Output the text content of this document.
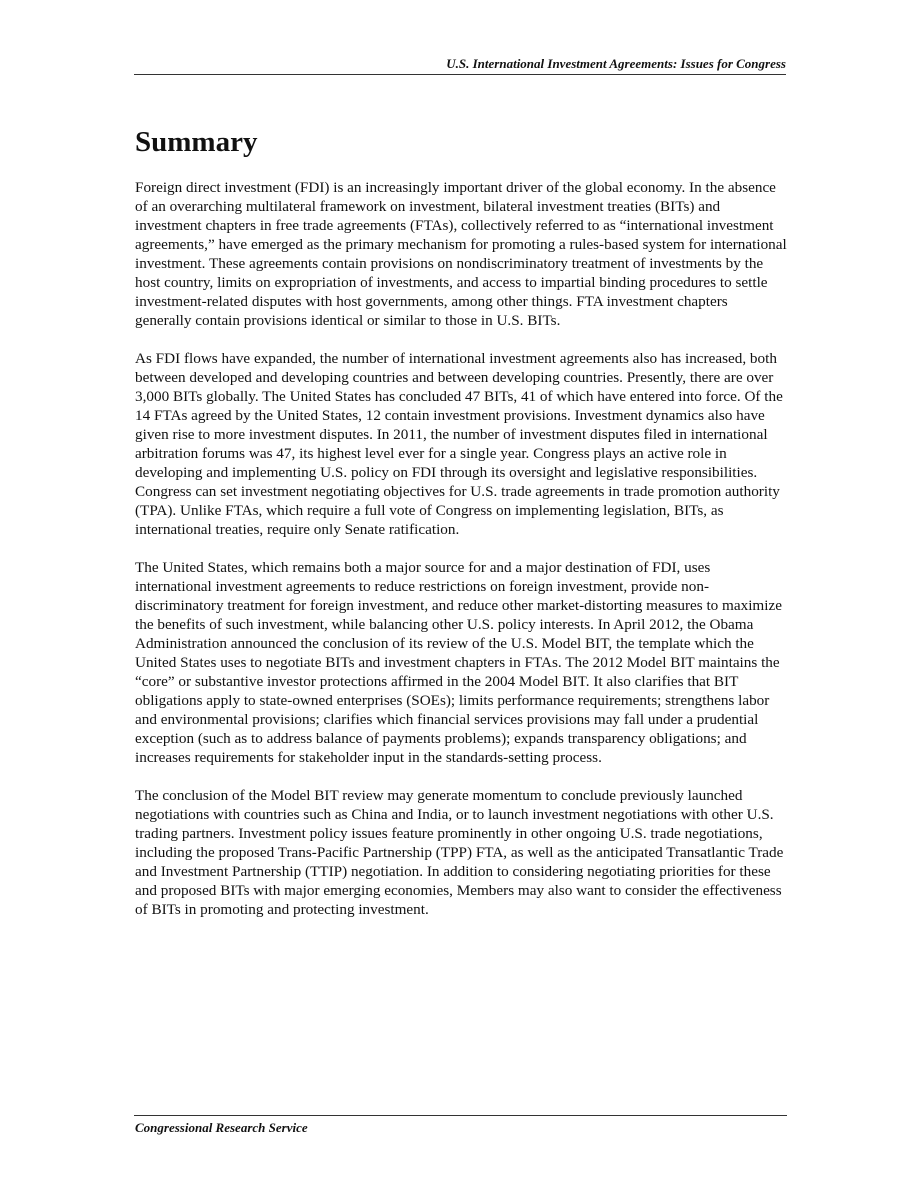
U.S. International Investment Agreements: Issues for Congress
Summary

Foreign direct investment (FDI) is an increasingly important driver of the global economy. In the absence of an overarching multilateral framework on investment, bilateral investment treaties (BITs) and investment chapters in free trade agreements (FTAs), collectively referred to as “international investment agreements,” have emerged as the primary mechanism for promoting a rules-based system for international investment. These agreements contain provisions on nondiscriminatory treatment of investments by the host country, limits on expropriation of investments, and access to impartial binding procedures to settle investment-related disputes with host governments, among other things. FTA investment chapters generally contain provisions identical or similar to those in U.S. BITs.

As FDI flows have expanded, the number of international investment agreements also has increased, both between developed and developing countries and between developing countries. Presently, there are over 3,000 BITs globally. The United States has concluded 47 BITs, 41 of which have entered into force. Of the 14 FTAs agreed by the United States, 12 contain investment provisions. Investment dynamics also have given rise to more investment disputes. In 2011, the number of investment disputes filed in international arbitration forums was 47, its highest level ever for a single year. Congress plays an active role in developing and implementing U.S. policy on FDI through its oversight and legislative responsibilities. Congress can set investment negotiating objectives for U.S. trade agreements in trade promotion authority (TPA). Unlike FTAs, which require a full vote of Congress on implementing legislation, BITs, as international treaties, require only Senate ratification.

The United States, which remains both a major source for and a major destination of FDI, uses international investment agreements to reduce restrictions on foreign investment, provide non-discriminatory treatment for foreign investment, and reduce other market-distorting measures to maximize the benefits of such investment, while balancing other U.S. policy interests. In April 2012, the Obama Administration announced the conclusion of its review of the U.S. Model BIT, the template which the United States uses to negotiate BITs and investment chapters in FTAs. The 2012 Model BIT maintains the “core” or substantive investor protections affirmed in the 2004 Model BIT. It also clarifies that BIT obligations apply to state-owned enterprises (SOEs); limits performance requirements; strengthens labor and environmental provisions; clarifies which financial services provisions may fall under a prudential exception (such as to address balance of payments problems); expands transparency obligations; and increases requirements for stakeholder input in the standards-setting process.

The conclusion of the Model BIT review may generate momentum to conclude previously launched negotiations with countries such as China and India, or to launch investment negotiations with other U.S. trading partners. Investment policy issues feature prominently in other ongoing U.S. trade negotiations, including the proposed Trans-Pacific Partnership (TPP) FTA, as well as the anticipated Transatlantic Trade and Investment Partnership (TTIP) negotiation. In addition to considering negotiating priorities for these and proposed BITs with major emerging economies, Members may also want to consider the effectiveness of BITs in promoting and protecting investment.

Congressional Research Service
